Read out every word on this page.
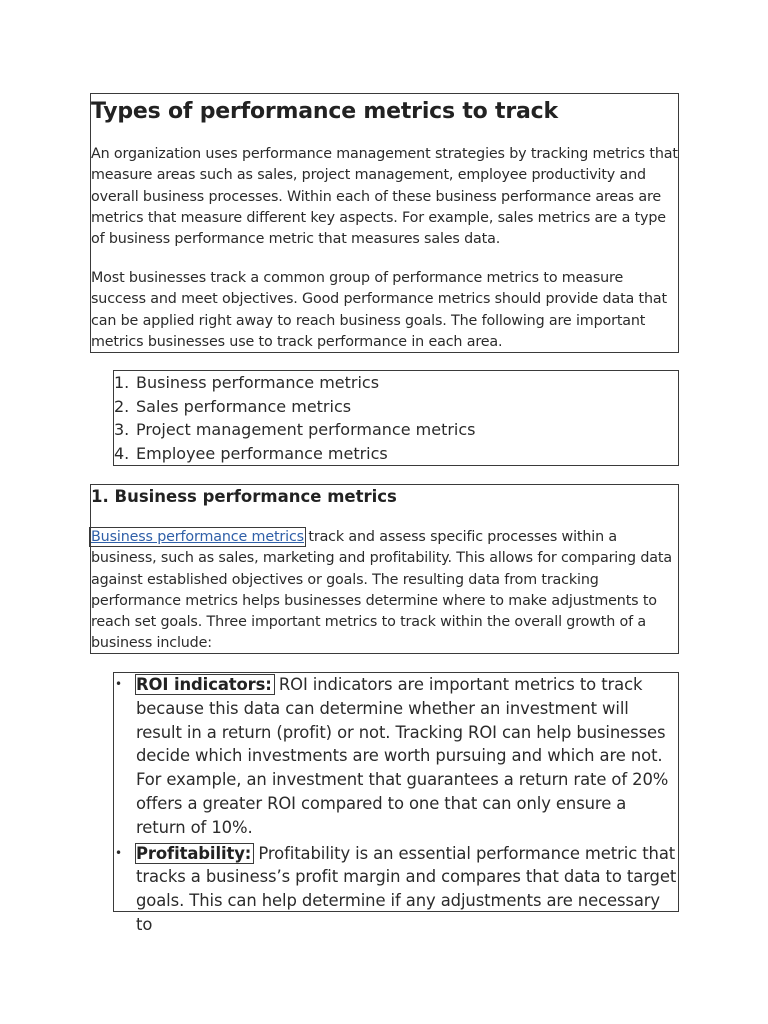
Types of performance metrics to track

An organization uses performance management strategies by tracking metrics that measure areas such as sales, project management, employee productivity and overall business processes. Within each of these business performance areas are metrics that measure different key aspects. For example, sales metrics are a type of business performance metric that measures sales data.

Most businesses track a common group of performance metrics to measure success and meet objectives. Good performance metrics should provide data that can be applied right away to reach business goals. The following are important metrics businesses use to track performance in each area.

1. Business performance metrics
2. Sales performance metrics
3. Project management performance metrics
4. Employee performance metrics
1. Business performance metrics

Business performance metrics track and assess specific processes within a business, such as sales, marketing and profitability. This allows for comparing data against established objectives or goals. The resulting data from tracking performance metrics helps businesses determine where to make adjustments to reach set goals. Three important metrics to track within the overall growth of a business include:

• ROI indicators: ROI indicators are important metrics to track because this data can determine whether an investment will result in a return (profit) or not. Tracking ROI can help businesses decide which investments are worth pursuing and which are not. For example, an investment that guarantees a return rate of 20% offers a greater ROI compared to one that can only ensure a return of 10%.
• Profitability: Profitability is an essential performance metric that tracks a business’s profit margin and compares that data to target goals. This can help determine if any adjustments are necessary to
